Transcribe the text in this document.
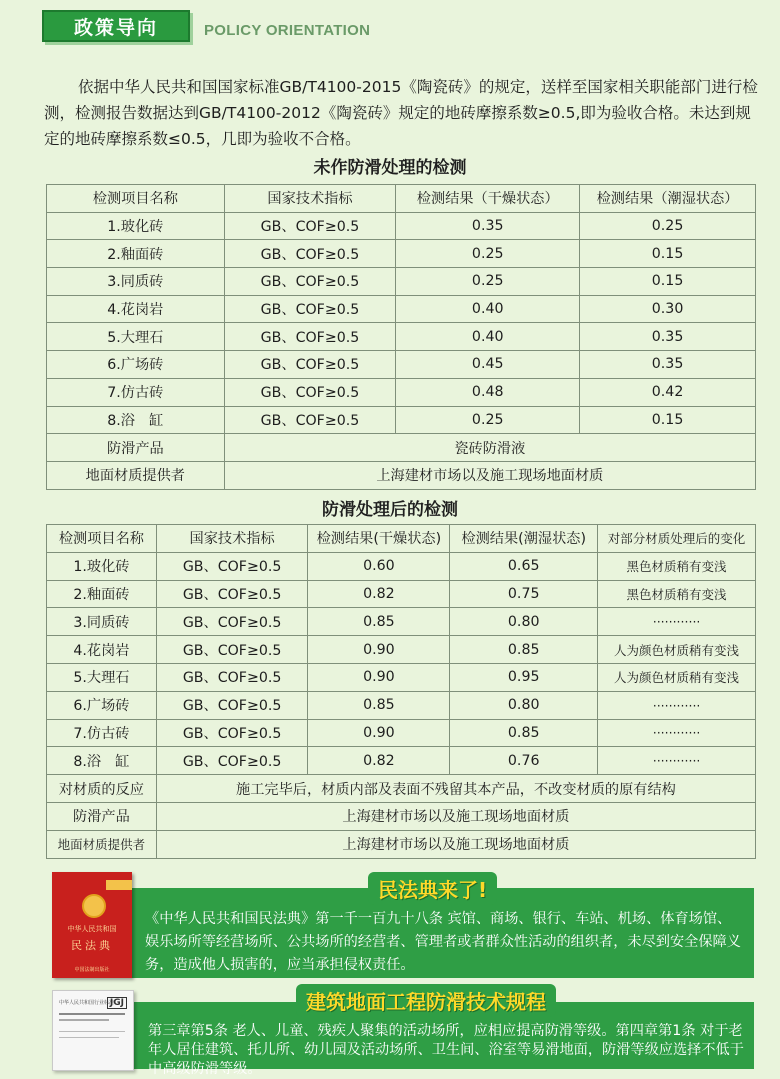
政策导向	POLICY ORIENTATION
依据中华人民共和国国家标准GB/T4100-2015《陶瓷砖》的规定，送样至国家相关职能部门进行检测，检测报告数据达到GB/T4100-2012《陶瓷砖》规定的地砖摩擦系数≥0.5,即为验收合格。未达到规定的地砖摩擦系数≤0.5，几即为验收不合格。
未作防滑处理的检测
检测项目名称	国家技术指标	检测结果（干燥状态）	检测结果（潮湿状态）
1.玻化砖	GB、COF≥0.5	0.35	0.25
2.釉面砖	GB、COF≥0.5	0.25	0.15
3.同质砖	GB、COF≥0.5	0.25	0.15
4.花岗岩	GB、COF≥0.5	0.40	0.30
5.大理石	GB、COF≥0.5	0.40	0.35
6.广场砖	GB、COF≥0.5	0.45	0.35
7.仿古砖	GB、COF≥0.5	0.48	0.42
8.浴　缸	GB、COF≥0.5	0.25	0.15
防滑产品	瓷砖防滑液		
地面材质提供者	上海建材市场以及施工现场地面材质		
防滑处理后的检测
检测项目名称	国家技术指标	检测结果(干燥状态)	检测结果(潮湿状态)	对部分材质处理后的变化
1.玻化砖	GB、COF≥0.5	0.60	0.65	黑色材质稍有变浅
2.釉面砖	GB、COF≥0.5	0.82	0.75	黑色材质稍有变浅
3.同质砖	GB、COF≥0.5	0.85	0.80	············
4.花岗岩	GB、COF≥0.5	0.90	0.85	人为颜色材质稍有变浅
5.大理石	GB、COF≥0.5	0.90	0.95	人为颜色材质稍有变浅
6.广场砖	GB、COF≥0.5	0.85	0.80	············
7.仿古砖	GB、COF≥0.5	0.90	0.85	············
8.浴　缸	GB、COF≥0.5	0.82	0.76	············
对材质的反应	施工完毕后，材质内部及表面不残留其本产品，不改变材质的原有结构			
防滑产品	上海建材市场以及施工现场地面材质			
地面材质提供者	上海建材市场以及施工现场地面材质			
民法典来了!
《中华人民共和国民法典》第一千一百九十八条 宾馆、商场、银行、车站、机场、体育场馆、娱乐场所等经营场所、公共场所的经营者、管理者或者群众性活动的组织者，未尽到安全保障义务，造成他人损害的，应当承担侵权责任。
中华人民共和国
民法典
中国法制出版社
建筑地面工程防滑技术规程
第三章第5条 老人、儿童、残疾人聚集的活动场所，应相应提高防滑等级。第四章第1条 对于老年人居住建筑、托儿所、幼儿园及活动场所、卫生间、浴室等易滑地面，防滑等级应选择不低于中高级防滑等级。
中华人民共和国行业标准
JGJ
